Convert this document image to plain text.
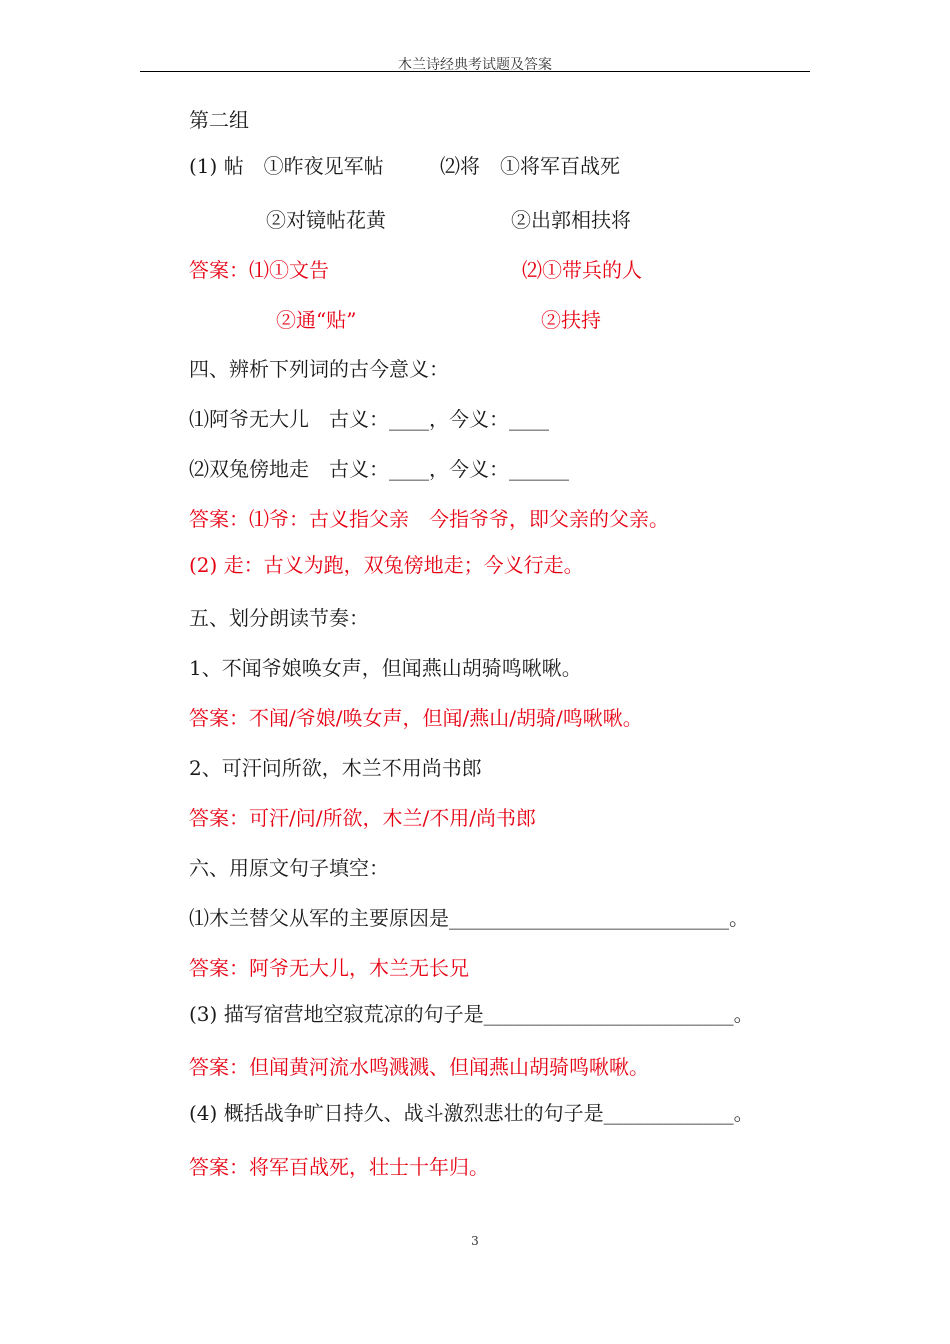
木兰诗经典考试题及答案
第二组
(1) 帖　①昨夜见军帖	⑵将　①将军百战死
②对镜帖花黄	②出郭相扶将
答案：⑴①文告	⑵①带兵的人
②通“贴”	②扶持
四、辨析下列词的古今意义：
⑴阿爷无大儿　古义：____，今义：____
⑵双兔傍地走　古义：____，今义：______
答案：⑴爷：古义指父亲　今指爷爷，即父亲的父亲。
(2) 走：古义为跑，双兔傍地走；今义行走。
五、划分朗读节奏：
1、不闻爷娘唤女声，但闻燕山胡骑鸣啾啾。
答案：不闻/爷娘/唤女声，但闻/燕山/胡骑/鸣啾啾。
2、可汗问所欲，木兰不用尚书郎
答案：可汗/问/所欲，木兰/不用/尚书郎
六、用原文句子填空：
⑴木兰替父从军的主要原因是____________________________。
答案：阿爷无大儿，木兰无长兄
(3) 描写宿营地空寂荒凉的句子是_________________________。
答案：但闻黄河流水鸣溅溅、但闻燕山胡骑鸣啾啾。
(4) 概括战争旷日持久、战斗激烈悲壮的句子是_____________。
答案：将军百战死，壮士十年归。
3
